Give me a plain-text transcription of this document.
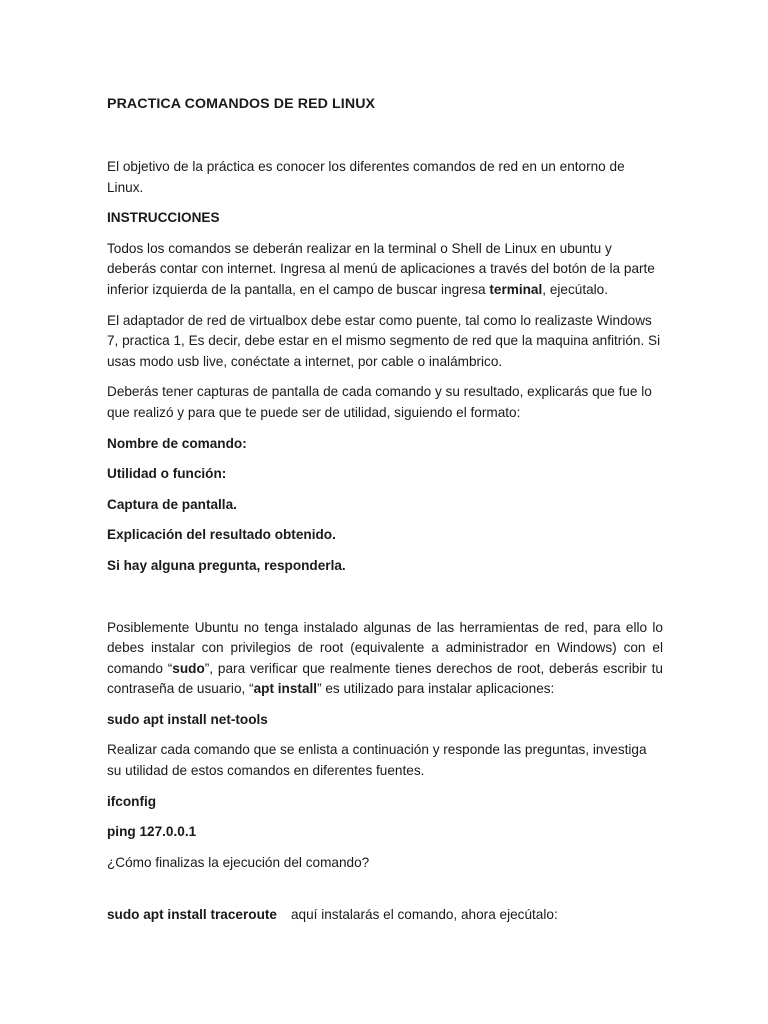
PRACTICA COMANDOS DE RED LINUX

El objetivo de la práctica es conocer los diferentes comandos de red en un entorno de Linux.

INSTRUCCIONES

Todos los comandos se deberán realizar en la terminal o Shell de Linux en ubuntu y deberás contar con internet. Ingresa al menú de aplicaciones a través del botón de la parte inferior izquierda de la pantalla, en el campo de buscar ingresa terminal, ejecútalo.

El adaptador de red de virtualbox debe estar como puente, tal como lo realizaste Windows 7, practica 1, Es decir, debe estar en el mismo segmento de red que la maquina anfitrión. Si usas modo usb live, conéctate a internet, por cable o inalámbrico.

Deberás tener capturas de pantalla de cada comando y su resultado, explicarás que fue lo que realizó y para que te puede ser de utilidad, siguiendo el formato:

Nombre de comando:

Utilidad o función:

Captura de pantalla.

Explicación del resultado obtenido.

Si hay alguna pregunta, responderla.

Posiblemente Ubuntu no tenga instalado algunas de las herramientas de red, para ello lo debes instalar con privilegios de root (equivalente a administrador en Windows) con el comando “sudo”, para verificar que realmente tienes derechos de root, deberás escribir tu contraseña de usuario, “apt install” es utilizado para instalar aplicaciones:

sudo apt install net-tools

Realizar cada comando que se enlista a continuación y responde las preguntas, investiga su utilidad de estos comandos en diferentes fuentes.

ifconfig

ping 127.0.0.1

¿Cómo finalizas la ejecución del comando?

sudo apt install traceroute aquí instalarás el comando, ahora ejecútalo:
